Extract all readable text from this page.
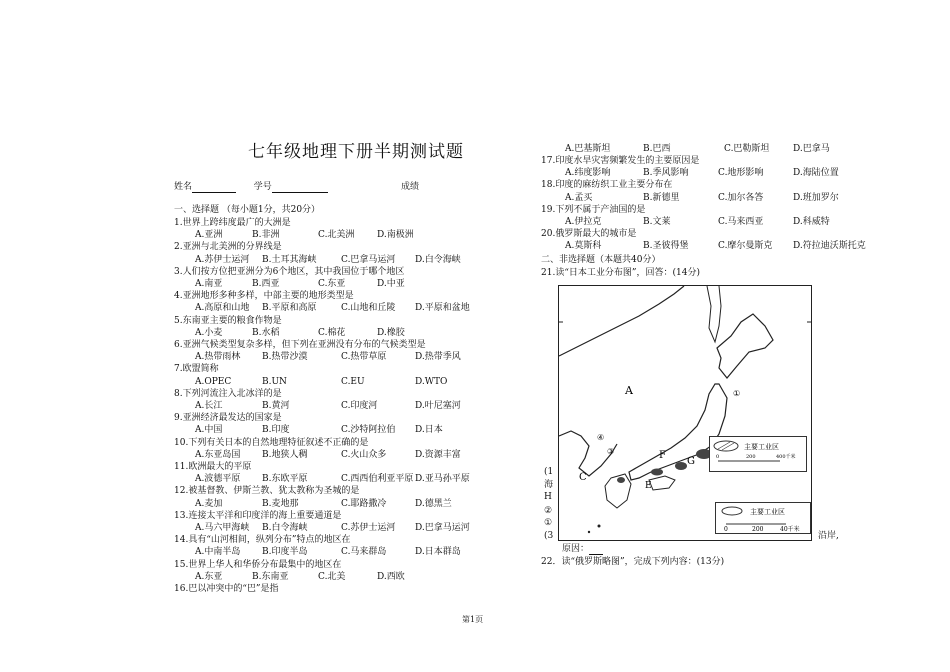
七年级地理下册半期测试题
姓名	学号	成绩
一、选择题 （每小题1分，共20分）
1.世界上跨纬度最广的大洲是
A.亚洲	B.非洲	C.北美洲	D.南极洲
2.亚洲与北美洲的分界线是
A.苏伊士运河 B.土耳其海峡	C.巴拿马运河 D.白令海峡
3.人们按方位把亚洲分为6个地区，其中我国位于哪个地区
A.南亚	B.西亚	C.东亚	D.中亚
4.亚洲地形多种多样，中部主要的地形类型是
A.高原和山地 B.平原和高原	C.山地和丘陵 D.平原和盆地
5.东南亚主要的粮食作物是
A.小麦	B.水稻	C.棉花	D.橡胶
6.亚洲气候类型复杂多样，但下列在亚洲没有分布的气候类型是
A.热带雨林 B.热带沙漠	C.热带草原	D.热带季风
7.欧盟简称
A.OPEC	B.UN	C.EU	D.WTO
8.下列河流注入北冰洋的是
A.长江	B.黄河	C.印度河	D.叶尼塞河
9.亚洲经济最发达的国家是
A.中国	B.印度	C.沙特阿拉伯 D.日本
10.下列有关日本的自然地理特征叙述不正确的是
A.东亚岛国 B.地狭人稠	C.火山众多	D.资源丰富
11.欧洲最大的平原
A.波德平原 B.东欧平原	C.西西伯利亚平原 D.亚马孙平原
12.被基督教、伊斯兰教、犹太教称为圣城的是
A.麦加	B.麦地那	C.耶路撒冷	D.德黑兰
13.连接太平洋和印度洋的海上重要通道是
A.马六甲海峡 B.白令海峡	C.苏伊士运河 D.巴拿马运河
14.具有“山河相间，纵列分布”特点的地区在
A.中南半岛 B.印度半岛	C.马来群岛	D.日本群岛
15.世界上华人和华侨分布最集中的地区在
A.东亚	B.东南亚	C.北美	D.西欧
16.巴以冲突中的“巴”是指
A.巴基斯坦	B.巴西	C.巴勒斯坦	D.巴拿马
17.印度水旱灾害频繁发生的主要原因是
A.纬度影响	B.季风影响	C.地形影响	D.海陆位置
18.印度的麻纺织工业主要分布在
A.孟买	B.新德里	C.加尔各答	D.班加罗尔
19.下列不属于产油国的是
A.伊拉克	B.文莱	C.马来西亚	D.科威特
20.俄罗斯最大的城市是
A.莫斯科	B.圣彼得堡	C.摩尔曼斯克 D.符拉迪沃斯托克
二、非选择题（本题共40分）
21.读“日本工业分布图”，回答：(14分)
(1
海
H
②
①
(3	沿岸,
原因：
22．读“俄罗斯略图”，完成下列内容：(13分)
A
C
F
G
E
④
③
①
主要工业区
0	200	400千米
主要工业区
0	200	40千米
第1页
